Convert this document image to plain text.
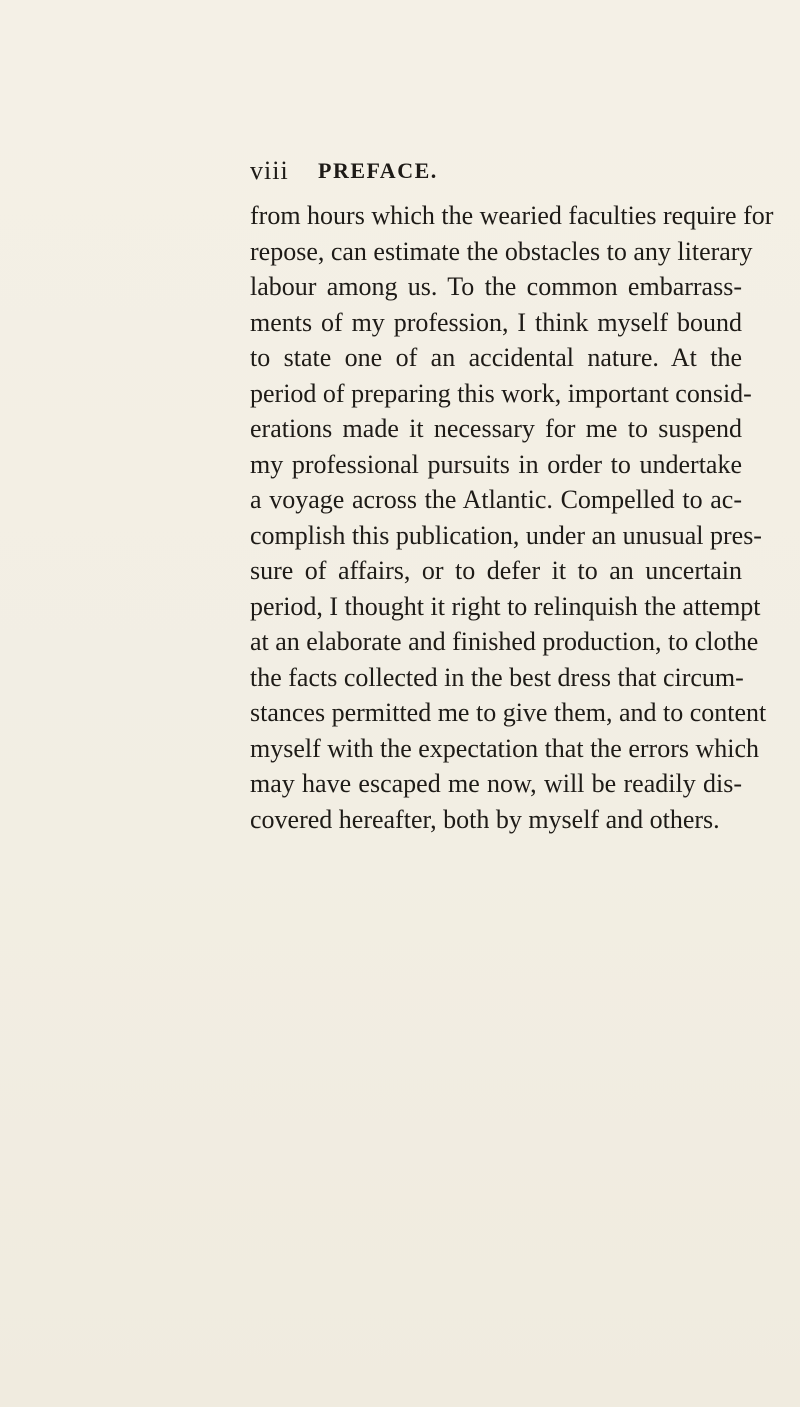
viii PREFACE.
from hours which the wearied faculties require for
repose, can estimate the obstacles to any literary
labour among us. To the common embarrass-
ments of my profession, I think myself bound
to state one of an accidental nature. At the
period of preparing this work, important consid-
erations made it necessary for me to suspend
my professional pursuits in order to undertake
a voyage across the Atlantic. Compelled to ac-
complish this publication, under an unusual pres-
sure of affairs, or to defer it to an uncertain
period, I thought it right to relinquish the attempt
at an elaborate and finished production, to clothe
the facts collected in the best dress that circum-
stances permitted me to give them, and to content
myself with the expectation that the errors which
may have escaped me now, will be readily dis-
covered hereafter, both by myself and others.
